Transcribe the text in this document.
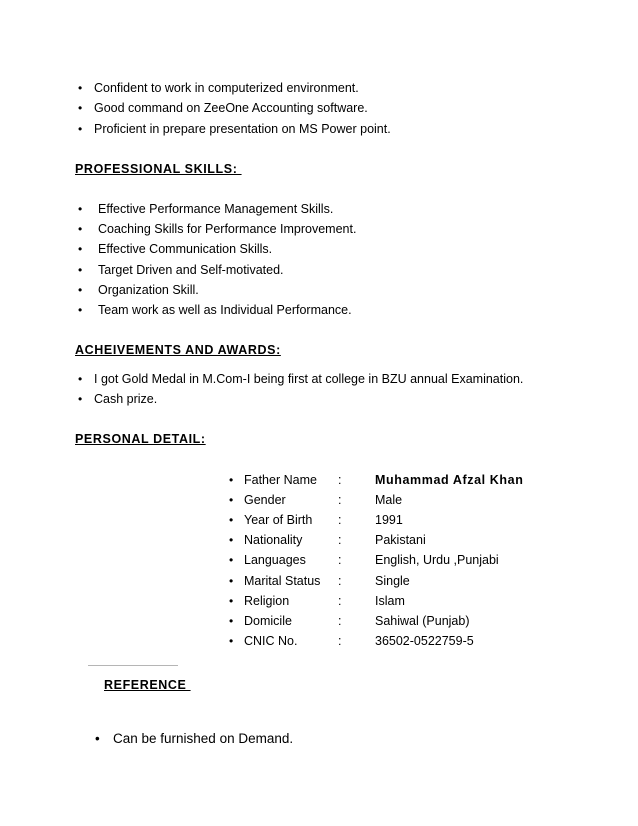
• Confident to work in computerized environment.
• Good command on ZeeOne Accounting software.
• Proficient in prepare presentation on MS Power point.
PROFESSIONAL SKILLS:
• Effective Performance Management Skills.
• Coaching Skills for Performance Improvement.
• Effective Communication Skills.
• Target Driven and Self-motivated.
• Organization Skill.
• Team work as well as Individual Performance.
ACHEIVEMENTS AND AWARDS:
• I got Gold Medal in M.Com-I being first at college in BZU annual Examination.
• Cash prize.
PERSONAL DETAIL:
• Father Name :	Muhammad Afzal Khan
• Gender	:	Male
• Year of Birth :	1991
• Nationality	:	Pakistani
• Languages	:	English, Urdu ,Punjabi
• Marital Status :	Single
• Religion	:	Islam
• Domicile	:	Sahiwal (Punjab)
• CNIC No.	:	36502-0522759-5
REFERENCE
• Can be furnished on Demand.
